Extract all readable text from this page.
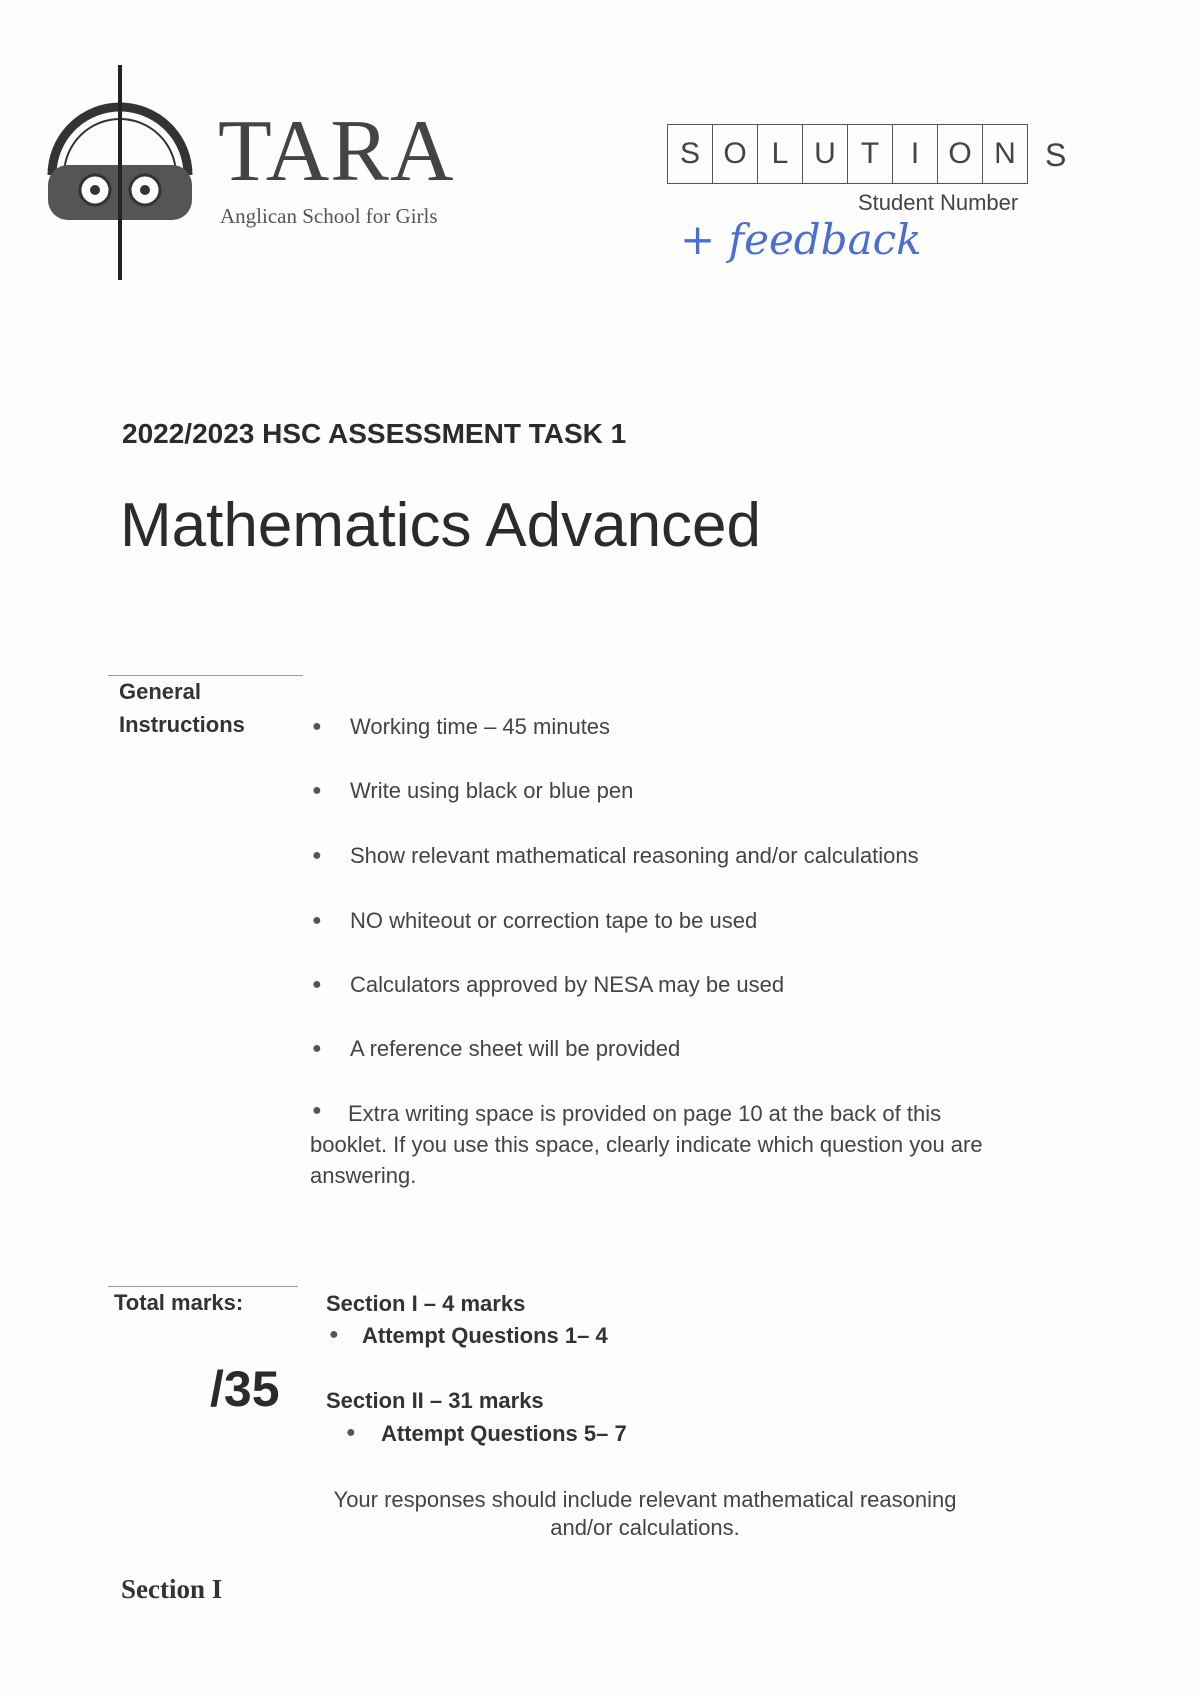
TARA
Anglican School for Girls
S O L U T	I O N S
Student Number
+ feedback
2022/2023 HSC ASSESSMENT TASK 1
Mathematics Advanced
General
Instructions	● Working time – 45 minutes
● Write using black or blue pen
● Show relevant mathematical reasoning and/or calculations
● NO whiteout or correction tape to be used
● Calculators approved by NESA may be used
● A reference sheet will be provided
●	Extra writing space is provided on page 10 at the back of this booklet. If you use this space, clearly indicate which question you are answering.
Total marks:
/35
Section I – 4 marks
● Attempt Questions 1– 4
Section II – 31 marks
● Attempt Questions 5– 7
Your responses should include relevant mathematical reasoning and/or calculations.
Section I
